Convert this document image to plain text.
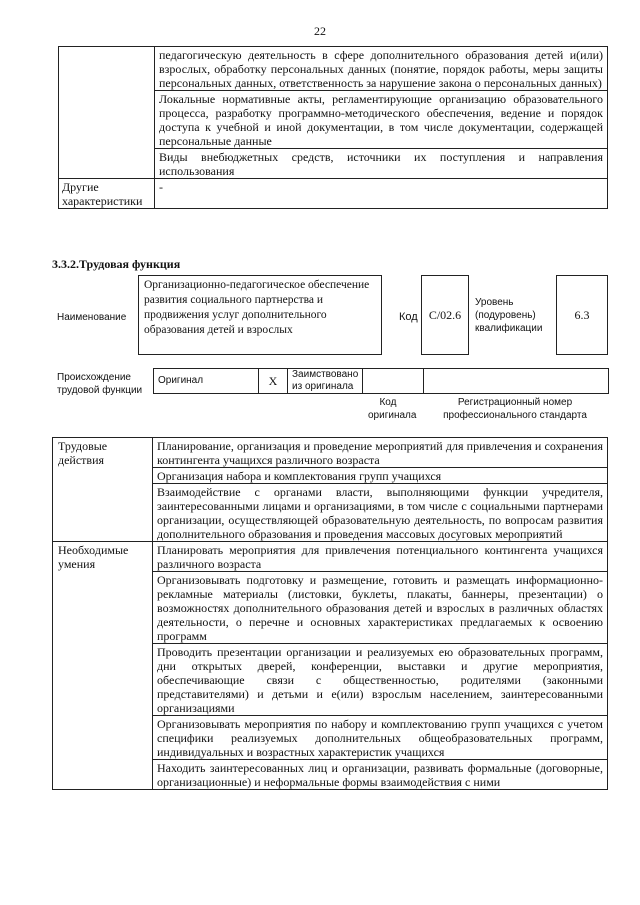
22
	педагогическую деятельность в сфере дополнительного образования детей и(или) взрослых, обработку персональных данных (понятие, порядок работы, меры защиты персональных данных, ответственность за нарушение закона о персональных данных)
	Локальные нормативные акты, регламентирующие организацию образовательного процесса, разработку программно-методического обеспечения, ведение и порядок доступа к учебной и иной документации, в том числе документации, содержащей персональные данные
	Виды внебюджетных средств, источники их поступления и направления использования
Другие характеристики	-
3.3.2.Трудовая функция
Наименование
Организационно-педагогическое обеспечение развития социального партнерства и продвижения услуг дополнительного образования детей и взрослых
Код C/02.6
Уровень (подуровень) квалификации
6.3
Происхождение трудовой функции
Оригинал	X	Заимствовано из оригинала		
Код оригинала
Регистрационный номер профессионального стандарта
Трудовые действия	Планирование, организация и проведение мероприятий для привлечения и сохранения контингента учащихся различного возраста
	Организация набора и комплектования групп учащихся
	Взаимодействие с органами власти, выполняющими функции учредителя, заинтересованными лицами и организациями, в том числе с социальными партнерами организации, осуществляющей образовательную деятельность, по вопросам развития дополнительного образования и проведения массовых досуговых мероприятий
Необходимые умения	Планировать мероприятия для привлечения потенциального контингента учащихся различного возраста
	Организовывать подготовку и размещение, готовить и размещать информационно-рекламные материалы (листовки, буклеты, плакаты, баннеры, презентации) о возможностях дополнительного образования детей и взрослых в различных областях деятельности, о перечне и основных характеристиках предлагаемых к освоению программ
	Проводить презентации организации и реализуемых ею образовательных программ, дни открытых дверей, конференции, выставки и другие мероприятия, обеспечивающие связи с общественностью, родителями (законными представителями) и детьми и е(или) взрослым населением, заинтересованными организациями
	Организовывать мероприятия по набору и комплектованию групп учащихся с учетом специфики реализуемых дополнительных общеобразовательных программ, индивидуальных и возрастных характеристик учащихся
	Находить заинтересованных лиц и организации, развивать формальные (договорные, организационные) и неформальные формы взаимодействия с ними
